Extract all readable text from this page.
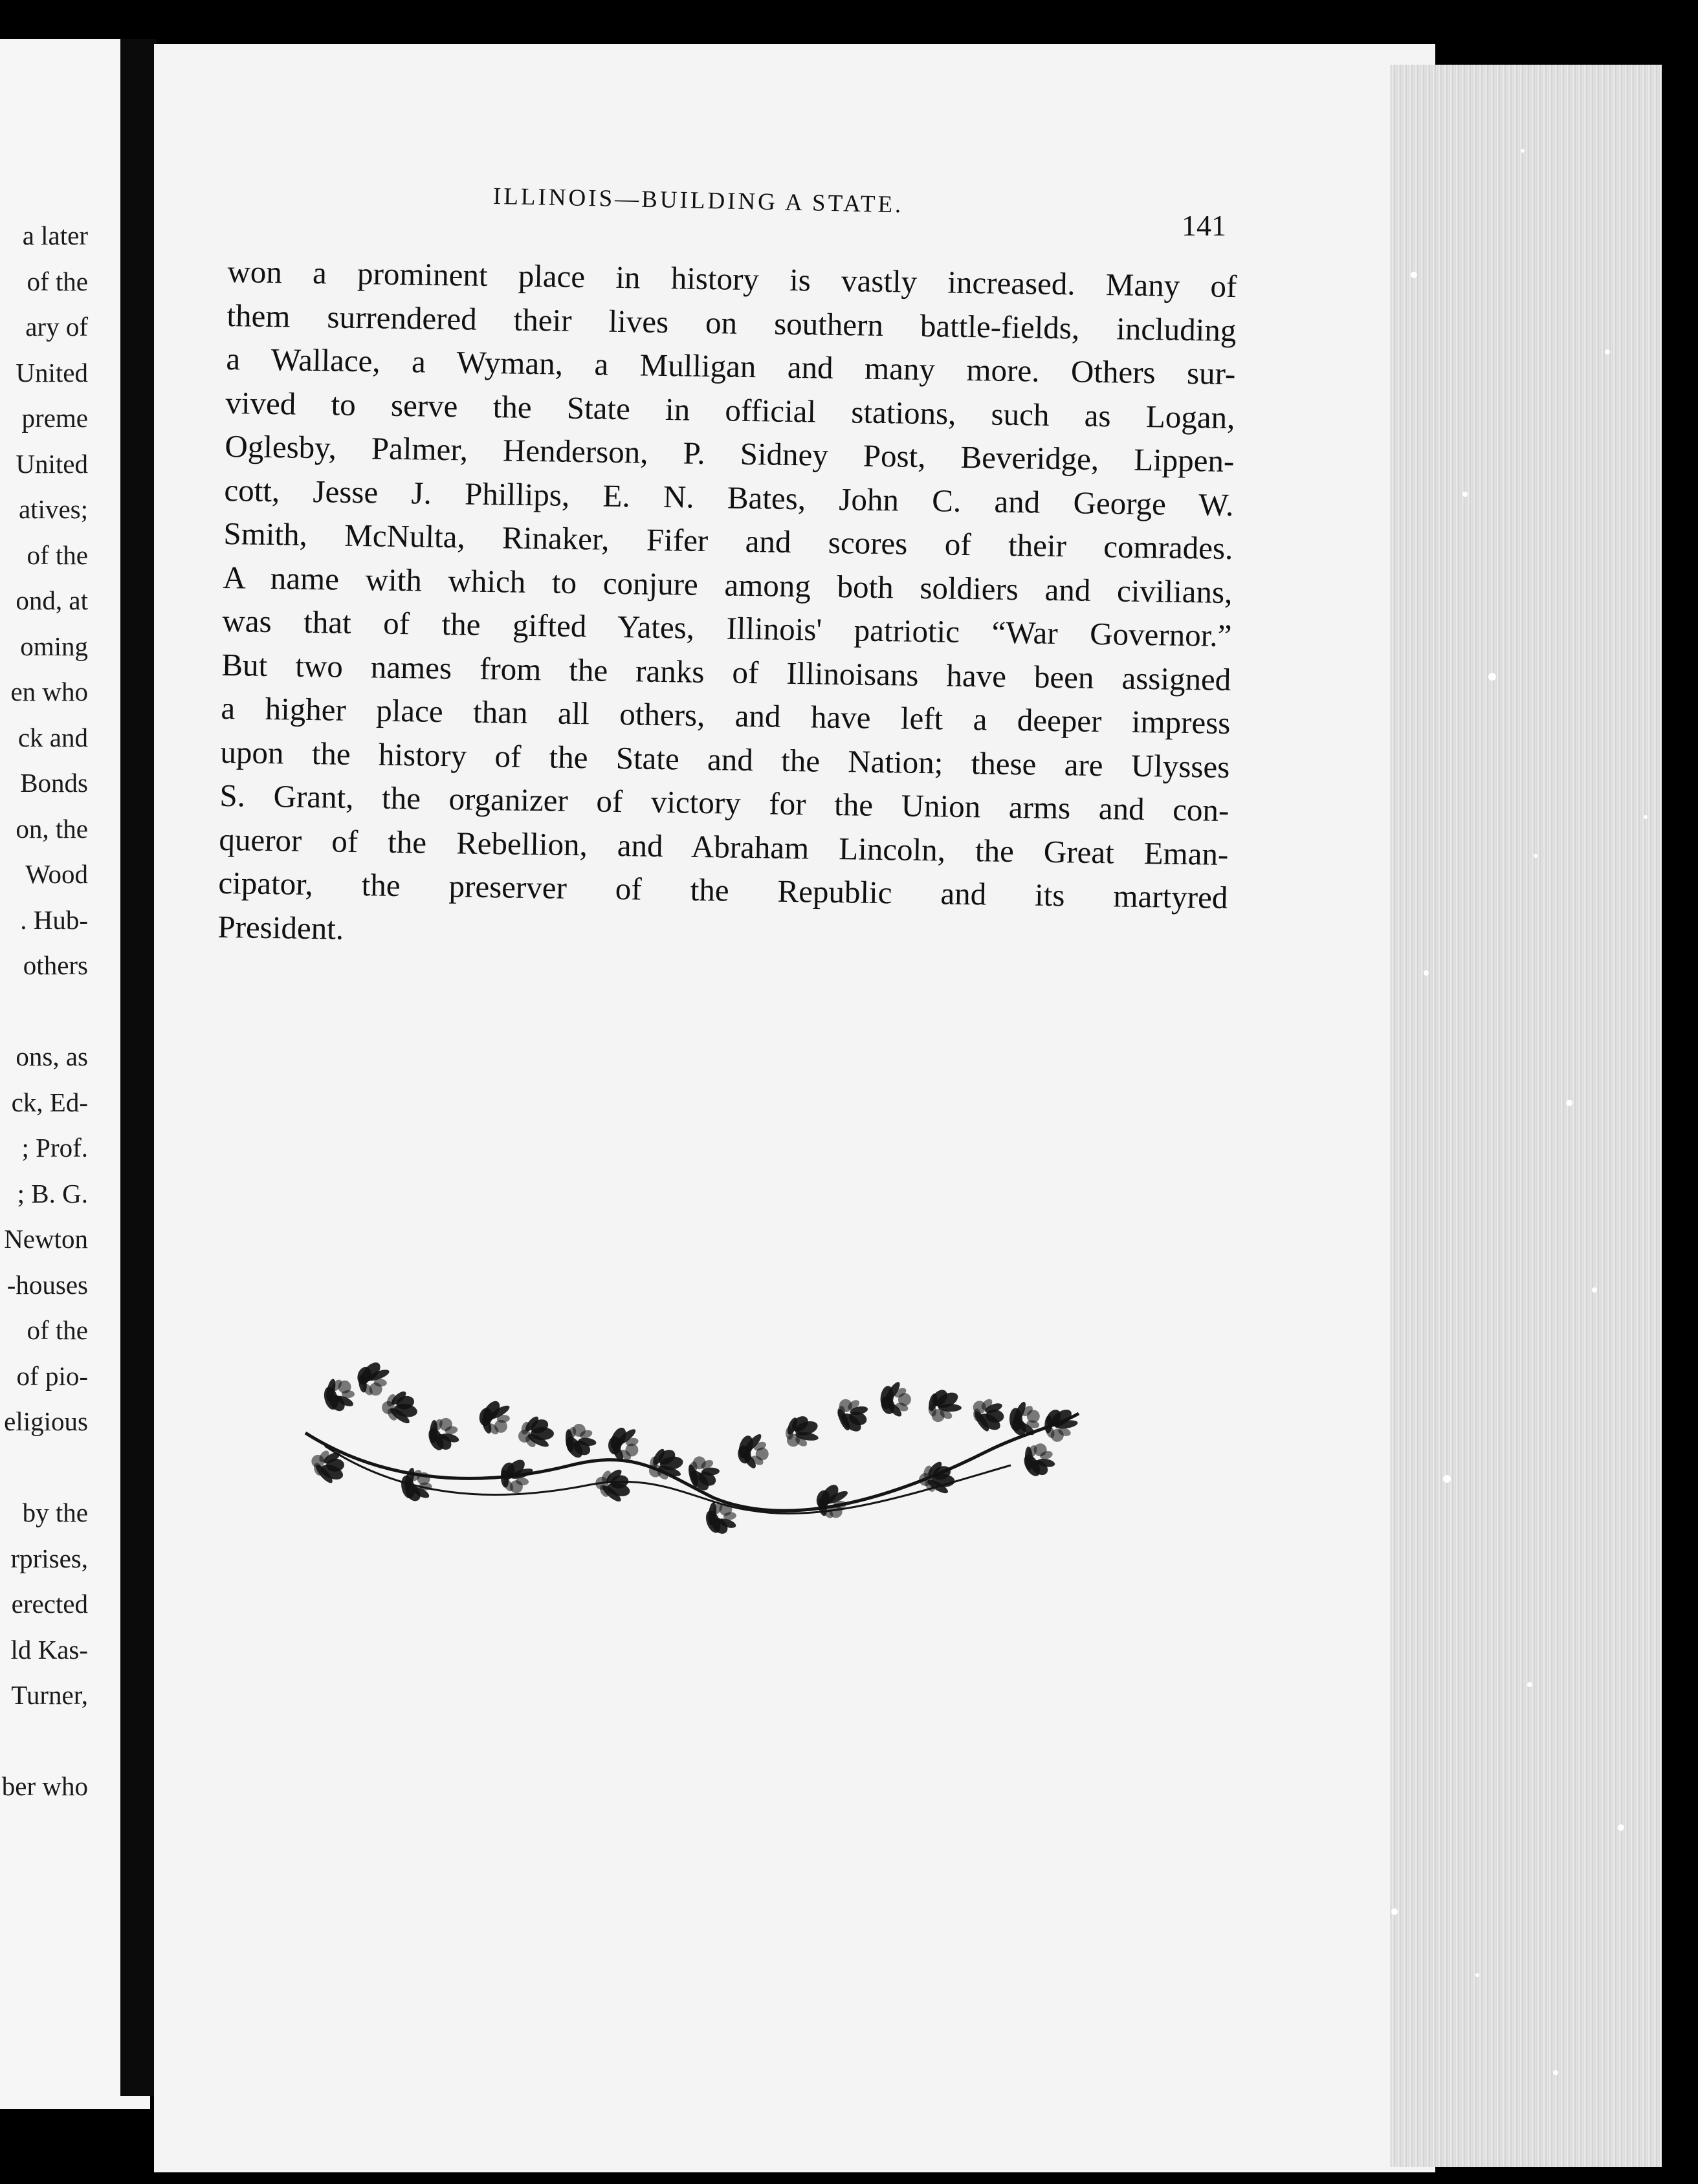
a later
of the
ary of
United
preme
United
atives;
of the
ond, at
oming
en who
ck and
Bonds
on, the
Wood
. Hub-
others
ons, as
ck, Ed-
; Prof.
; B. G.
Newton
-houses
of the
of pio-
eligious
by the
rprises,
erected
ld Kas-
Turner,
ber who
ILLINOIS—BUILDING A STATE.
141
won a prominent place in history is vastly increased. Many of
them surrendered their lives on southern battle-fields, including
a Wallace, a Wyman, a Mulligan and many more. Others sur-
vived to serve the State in official stations, such as Logan,
Oglesby, Palmer, Henderson, P. Sidney Post, Beveridge, Lippen-
cott, Jesse J. Phillips, E. N. Bates, John C. and George W.
Smith, McNulta, Rinaker, Fifer and scores of their comrades.
A name with which to conjure among both soldiers and civilians,
was that of the gifted Yates, Illinois' patriotic “War Governor.”
But two names from the ranks of Illinoisans have been assigned
a higher place than all others, and have left a deeper impress
upon the history of the State and the Nation; these are Ulysses
S. Grant, the organizer of victory for the Union arms and con-
queror of the Rebellion, and Abraham Lincoln, the Great Eman-
cipator, the preserver of the Republic and its martyred
President.
